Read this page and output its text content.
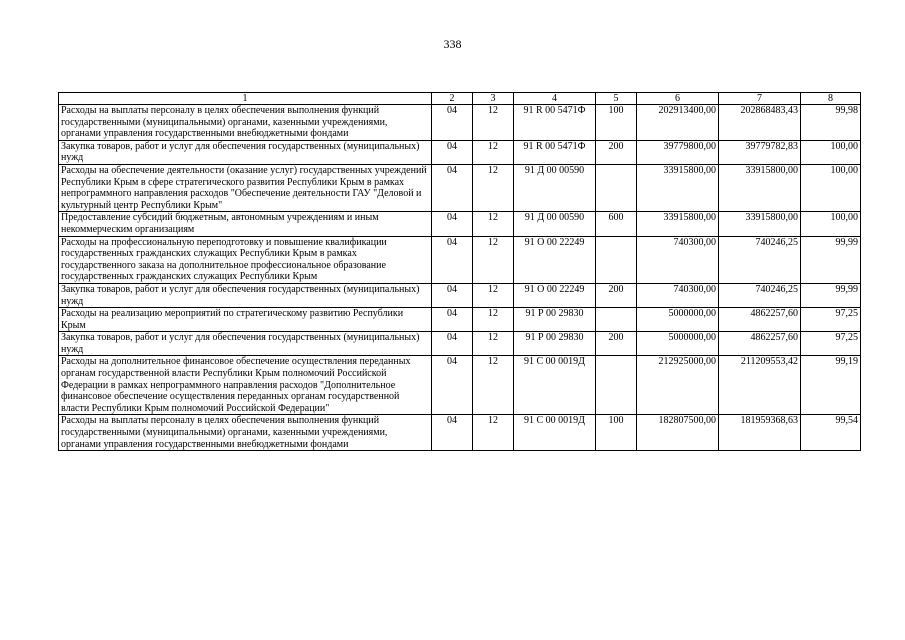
338
1	2	3	4	5	6	7	8
Расходы на выплаты персоналу в целях обеспечения выполнения функций государственными (муниципальными) органами, казенными учреждениями, органами управления государственными внебюджетными фондами	04	12	91 R 00 5471Ф	100	202913400,00	202868483,43	99,98
Закупка товаров, работ и услуг для обеспечения государственных (муниципальных) нужд	04	12	91 R 00 5471Ф	200	39779800,00	39779782,83	100,00
Расходы на обеспечение деятельности (оказание услуг) государственных учреждений Республики Крым в сфере стратегического развития Республики Крым в рамках непрограммного направления расходов "Обеспечение деятельности ГАУ "Деловой и культурный центр Республики Крым"	04	12	91 Д 00 00590		33915800,00	33915800,00	100,00
Предоставление субсидий бюджетным, автономным учреждениям и иным некоммерческим организациям	04	12	91 Д 00 00590	600	33915800,00	33915800,00	100,00
Расходы на профессиональную переподготовку и повышение квалификации государственных гражданских служащих Республики Крым в рамках государственного заказа на дополнительное профессиональное образование государственных гражданских служащих Республики Крым	04	12	91 О 00 22249		740300,00	740246,25	99,99
Закупка товаров, работ и услуг для обеспечения государственных (муниципальных) нужд	04	12	91 О 00 22249	200	740300,00	740246,25	99,99
Расходы на реализацию мероприятий по стратегическому развитию Республики Крым	04	12	91 Р 00 29830		5000000,00	4862257,60	97,25
Закупка товаров, работ и услуг для обеспечения государственных (муниципальных) нужд	04	12	91 Р 00 29830	200	5000000,00	4862257,60	97,25
Расходы на дополнительное финансовое обеспечение осуществления переданных органам государственной власти Республики Крым полномочий Российской Федерации в рамках непрограммного направления расходов "Дополнительное финансовое обеспечение осуществления переданных органам государственной власти Республики Крым полномочий Российской Федерации"	04	12	91 С 00 0019Д		212925000,00	211209553,42	99,19
Расходы на выплаты персоналу в целях обеспечения выполнения функций государственными (муниципальными) органами, казенными учреждениями, органами управления государственными внебюджетными фондами	04	12	91 С 00 0019Д	100	182807500,00	181959368,63	99,54
